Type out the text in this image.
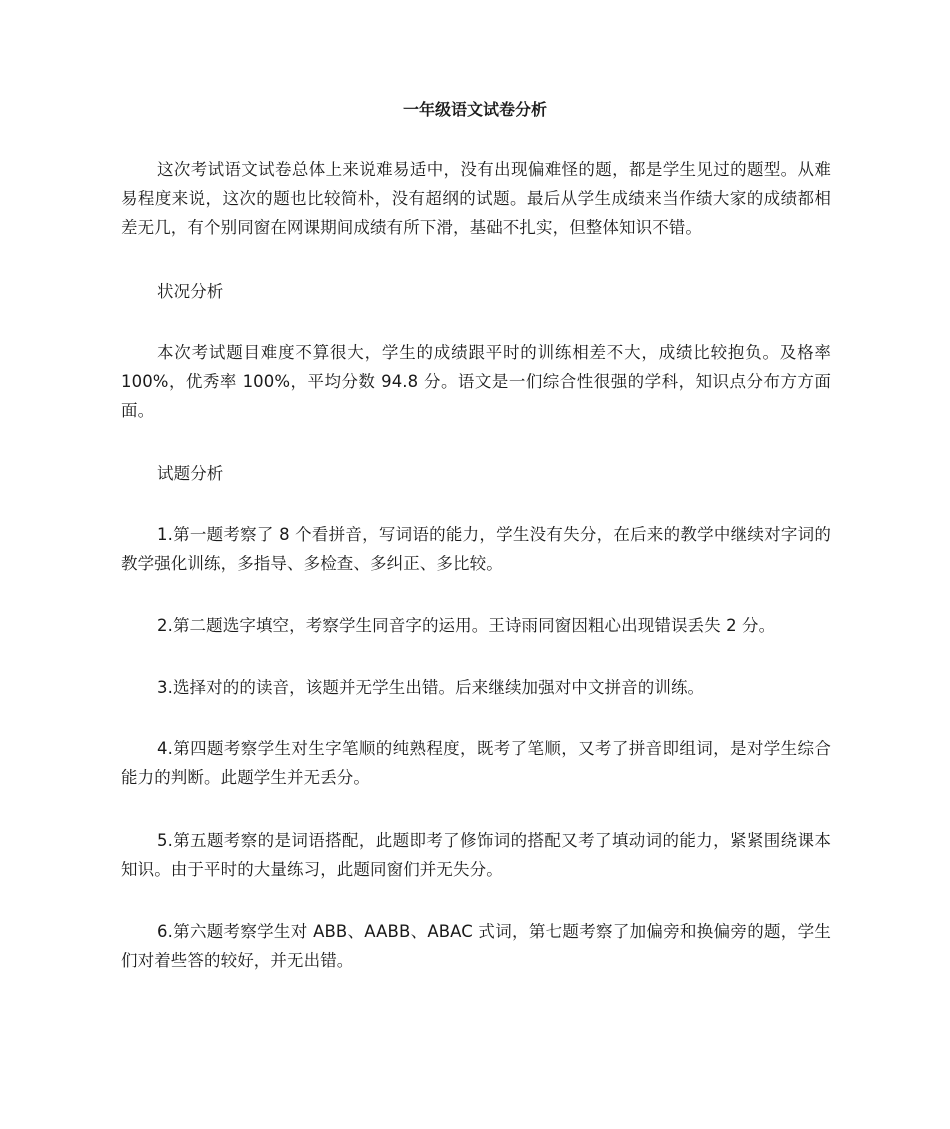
一年级语文试卷分析

这次考试语文试卷总体上来说难易适中，没有出现偏难怪的题，都是学生见过的题型。从难易程度来说，这次的题也比较简朴，没有超纲的试题。最后从学生成绩来当作绩大家的成绩都相差无几，有个别同窗在网课期间成绩有所下滑，基础不扎实，但整体知识不错。

状况分析

本次考试题目难度不算很大，学生的成绩跟平时的训练相差不大，成绩比较抱负。及格率 100%，优秀率 100%，平均分数 94.8 分。语文是一们综合性很强的学科，知识点分布方方面面。

试题分析

1.第一题考察了 8 个看拼音，写词语的能力，学生没有失分，在后来的教学中继续对字词的教学强化训练，多指导、多检查、多纠正、多比较。

2.第二题选字填空，考察学生同音字的运用。王诗雨同窗因粗心出现错误丢失 2 分。

3.选择对的的读音，该题并无学生出错。后来继续加强对中文拼音的训练。

4.第四题考察学生对生字笔顺的纯熟程度，既考了笔顺，又考了拼音即组词，是对学生综合能力的判断。此题学生并无丢分。

5.第五题考察的是词语搭配，此题即考了修饰词的搭配又考了填动词的能力，紧紧围绕课本知识。由于平时的大量练习，此题同窗们并无失分。

6.第六题考察学生对 ABB、AABB、ABAC 式词，第七题考察了加偏旁和换偏旁的题，学生们对着些答的较好，并无出错。
